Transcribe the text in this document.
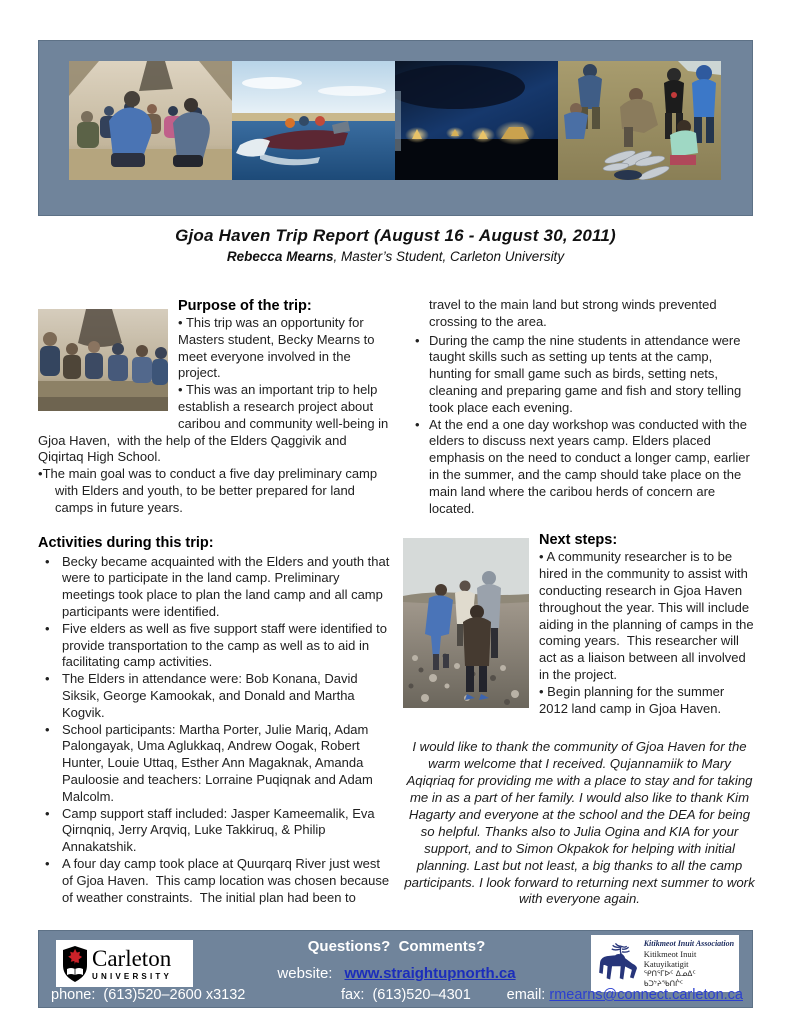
Gjoa Haven Trip Report (August 16 - August 30, 2011)
Rebecca Mearns, Master’s Student, Carleton University
Purpose of the trip:

• This trip was an opportunity for Masters student, Becky Mearns to meet everyone involved in the project.

• This was an important trip to help establish a research project about caribou and community well-being in Gjoa Haven,  with the help of the Elders Qaggivik and Qiqirtaq High School.

• The main goal was to conduct a five day preliminary camp with Elders and youth, to be better prepared for land camps in future years.

Activities during this trip:
• Becky became acquainted with the Elders and youth that were to participate in the land camp. Preliminary meetings took place to plan the land camp and all camp participants were identified.
• Five elders as well as five support staff were identified to provide transportation to the camp as well as to aid in facilitating camp activities.
• The Elders in attendance were: Bob Konana, David Siksik, George Kamookak, and Donald and Martha Kogvik.
• School participants: Martha Porter, Julie Mariq, Adam Palongayak, Uma Aglukkaq, Andrew Oogak, Robert Hunter, Louie Uttaq, Esther Ann Magaknak, Amanda Pauloosie and teachers: Lorraine Puqiqnak and Adam Malcolm.
• Camp support staff included: Jasper Kameemalik, Eva Qirnqniq, Jerry Arqviq, Luke Takkiruq, & Philip Annakatshik.
• A four day camp took place at Quurqarq River just west of Gjoa Haven.  This camp location was chosen because of weather constraints.  The initial plan had been to

travel to the main land but strong winds prevented crossing to the area.

• During the camp the nine students in attendance were taught skills such as setting up tents at the camp, hunting for small game such as birds, setting nets, cleaning and preparing game and fish and story telling took place each evening.
• At the end a one day workshop was conducted with the elders to discuss next years camp. Elders placed emphasis on the need to conduct a longer camp, earlier in the summer, and the camp should take place on the main land where the caribou herds of concern are located.
Next steps:

• A community researcher is to be hired in the community to assist with conducting research in Gjoa Haven throughout the year. This will include aiding in the planning of camps in the coming years.  This researcher will act as a liaison between all involved in the project.

• Begin planning for the summer 2012 land camp in Gjoa Haven.

I would like to thank the community of Gjoa Haven for the warm welcome that I received. Qujannamiik to Mary Aqiqriaq for providing me with a place to stay and for taking me in as a part of her family. I would also like to thank Kim Hagarty and everyone at the school and the DEA for being so helpful. Thanks also to Julia Ogina and KIA for your support, and to Simon Okpakok for helping with initial planning. Last but not least, a big thanks to all the camp participants. I look forward to returning next summer to work with everyone again.

Carleton
UNIVERSITY
Questions?  Comments?
website: www.straightupnorth.ca
Kitikmeot Inuit Association
Kitikmeot Inuit Katuyikatigit
ᕿᑎᕐᒥᐅᑦ ᐃᓄᐃᑦ ᑲᑐᔾᔨᖃᑎᒌᑦ
phone: (613)520–2600 x3132	fax: (613)520–4301 email: rmearns@connect.carleton.ca
